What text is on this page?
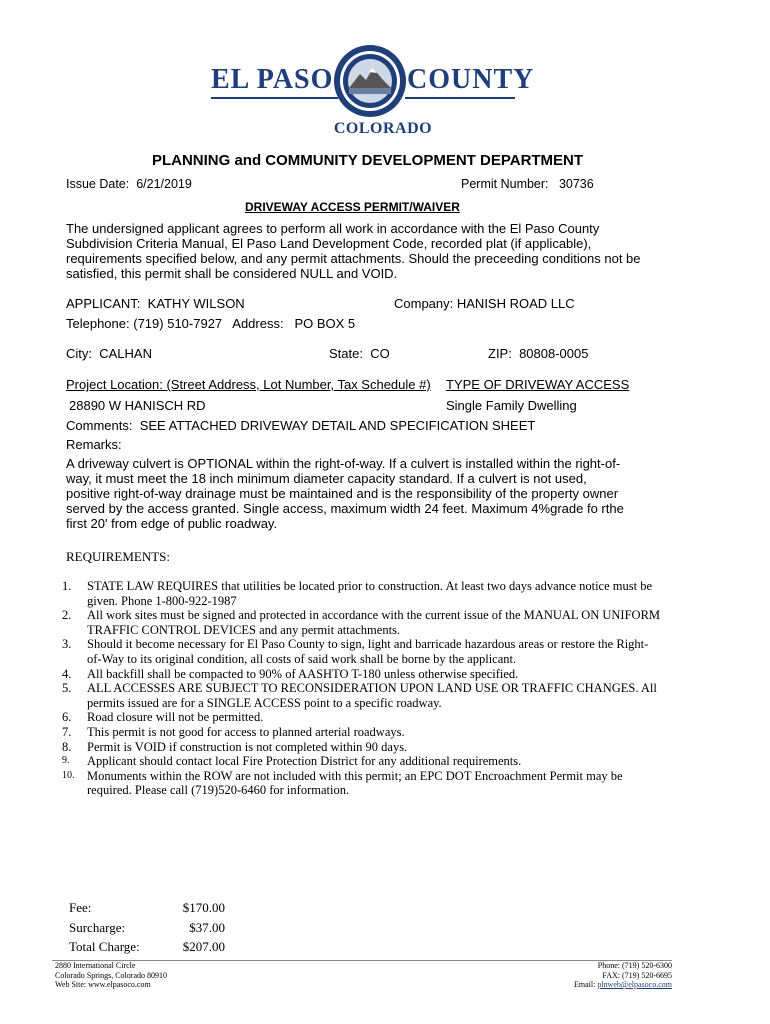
EL PASO	COUNTY
COLORADO
PLANNING and COMMUNITY DEVELOPMENT DEPARTMENT
Issue Date: 6/21/2019	Permit Number: 30736
DRIVEWAY ACCESS PERMIT/WAIVER
The undersigned applicant agrees to perform all work in accordance with the El Paso County Subdivision Criteria Manual, El Paso Land Development Code, recorded plat (if applicable), requirements specified below, and any permit attachments. Should the preceeding conditions not be satisfied, this permit shall be considered NULL and VOID.
APPLICANT: KATHY WILSON	Company: HANISH ROAD LLC
Telephone: (719) 510-7927 Address: PO BOX 5
City: CALHAN	State: CO	ZIP: 80808-0005
Project Location: (Street Address, Lot Number, Tax Schedule #) TYPE OF DRIVEWAY ACCESS
28890 W HANISCH RD	Single Family Dwelling
Comments: SEE ATTACHED DRIVEWAY DETAIL AND SPECIFICATION SHEET
Remarks:
A driveway culvert is OPTIONAL within the right-of-way. If a culvert is installed within the right-of-way, it must meet the 18 inch minimum diameter capacity standard. If a culvert is not used, positive right-of-way drainage must be maintained and is the responsibility of the property owner served by the access granted. Single access, maximum width 24 feet. Maximum 4%grade fo rthe first 20' from edge of public roadway.
REQUIREMENTS:
1. STATE LAW REQUIRES that utilities be located prior to construction. At least two days advance notice must be given. Phone 1-800-922-1987
2. All work sites must be signed and protected in accordance with the current issue of the MANUAL ON UNIFORM TRAFFIC CONTROL DEVICES and any permit attachments.
3. Should it become necessary for El Paso County to sign, light and barricade hazardous areas or restore the Right-of-Way to its original condition, all costs of said work shall be borne by the applicant.
4. All backfill shall be compacted to 90% of AASHTO T-180 unless otherwise specified.
5. ALL ACCESSES ARE SUBJECT TO RECONSIDERATION UPON LAND USE OR TRAFFIC CHANGES. All permits issued are for a SINGLE ACCESS point to a specific roadway.
6. Road closure will not be permitted.
7. This permit is not good for access to planned arterial roadways.
8. Permit is VOID if construction is not completed within 90 days.
9. Applicant should contact local Fire Protection District for any additional requirements.
10. Monuments within the ROW are not included with this permit; an EPC DOT Encroachment Permit may be required. Please call (719)520-6460 for information.
Fee:	$170.00
Surcharge:	$37.00
Total Charge:	$207.00
2880 International Circle
Colorado Springs, Colorado 80910
Web Site: www.elpasoco.com
Phone: (719) 520-6300
FAX: (719) 520-6695
Email: plnweb@elpasoco.com
